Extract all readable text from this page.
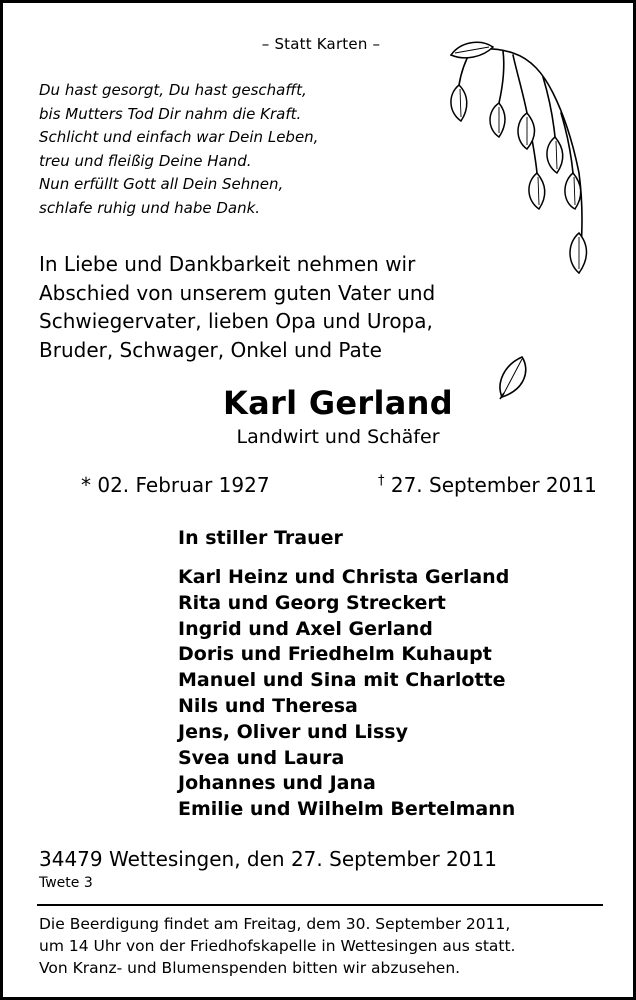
– Statt Karten –
Du hast gesorgt, Du hast geschafft,
bis Mutters Tod Dir nahm die Kraft.
Schlicht und einfach war Dein Leben,
treu und fleißig Deine Hand.
Nun erfüllt Gott all Dein Sehnen,
schlafe ruhig und habe Dank.
In Liebe und Dankbarkeit nehmen wir
Abschied von unserem guten Vater und
Schwiegervater, lieben Opa und Uropa,
Bruder, Schwager, Onkel und Pate
Karl Gerland
Landwirt und Schäfer
* 02. Februar 1927	† 27. September 2011
In stiller Trauer
Karl Heinz und Christa Gerland
Rita und Georg Streckert
Ingrid und Axel Gerland
Doris und Friedhelm Kuhaupt
Manuel und Sina mit Charlotte
Nils und Theresa
Jens, Oliver und Lissy
Svea und Laura
Johannes und Jana
Emilie und Wilhelm Bertelmann
34479 Wettesingen, den 27. September 2011
Twete 3
Die Beerdigung findet am Freitag, dem 30. September 2011,
um 14 Uhr von der Friedhofskapelle in Wettesingen aus statt.
Von Kranz- und Blumenspenden bitten wir abzusehen.
